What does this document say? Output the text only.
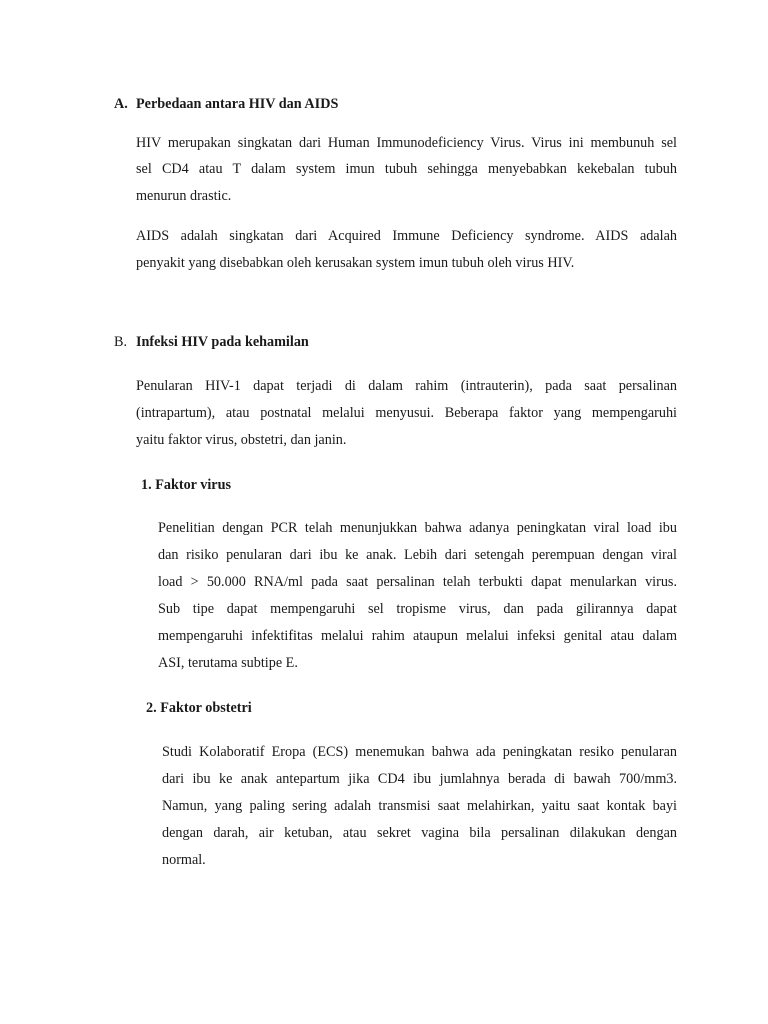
A. Perbedaan antara HIV dan AIDS
HIV merupakan singkatan dari Human Immunodeficiency Virus. Virus ini membunuh sel
sel CD4 atau T dalam system imun tubuh sehingga menyebabkan kekebalan tubuh
menurun drastic.
AIDS adalah singkatan dari Acquired Immune Deficiency syndrome. AIDS adalah
penyakit yang disebabkan oleh kerusakan system imun tubuh oleh virus HIV.
B. Infeksi HIV pada kehamilan
Penularan HIV-1 dapat terjadi di dalam rahim (intrauterin), pada saat persalinan
(intrapartum), atau postnatal melalui menyusui. Beberapa faktor yang mempengaruhi
yaitu faktor virus, obstetri, dan janin.
1. Faktor virus
Penelitian dengan PCR telah menunjukkan bahwa adanya peningkatan viral load ibu
dan risiko penularan dari ibu ke anak. Lebih dari setengah perempuan dengan viral
load > 50.000 RNA/ml pada saat persalinan telah terbukti dapat menularkan virus.
Sub tipe dapat mempengaruhi sel tropisme virus, dan pada gilirannya dapat
mempengaruhi infektifitas melalui rahim ataupun melalui infeksi genital atau dalam
ASI, terutama subtipe E.
2. Faktor obstetri
Studi Kolaboratif Eropa (ECS) menemukan bahwa ada peningkatan resiko penularan
dari ibu ke anak antepartum jika CD4 ibu jumlahnya berada di bawah 700/mm3.
Namun, yang paling sering adalah transmisi saat melahirkan, yaitu saat kontak bayi
dengan darah, air ketuban, atau sekret vagina bila persalinan dilakukan dengan
normal.
